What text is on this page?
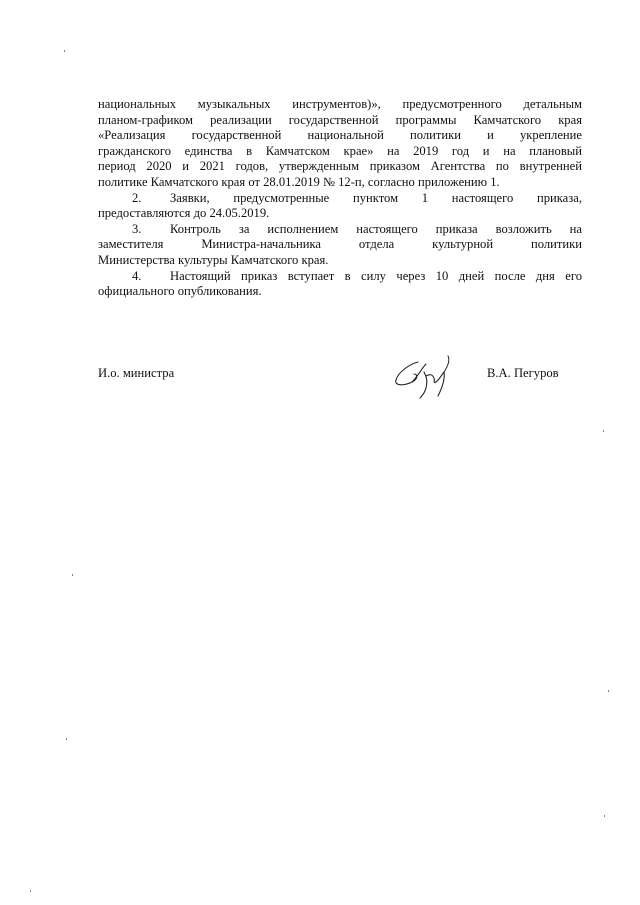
национальных музыкальных инструментов)», предусмотренного детальным
планом-графиком реализации государственной программы Камчатского края
«Реализация государственной национальной политики и укрепление
гражданского единства в Камчатском крае» на 2019 год и на плановый
период 2020 и 2021 годов, утвержденным приказом Агентства по внутренней
политике Камчатского края от 28.01.2019 № 12-п, согласно приложению 1.

2. Заявки, предусмотренные пунктом 1 настоящего приказа,
предоставляются до 24.05.2019.

3. Контроль за исполнением настоящего приказа возложить на
заместителя Министра-начальника отдела культурной политики
Министерства культуры Камчатского края.

4. Настоящий приказ вступает в силу через 10 дней после дня его
официального опубликования.

И.о. министра	В.А. Пегуров
